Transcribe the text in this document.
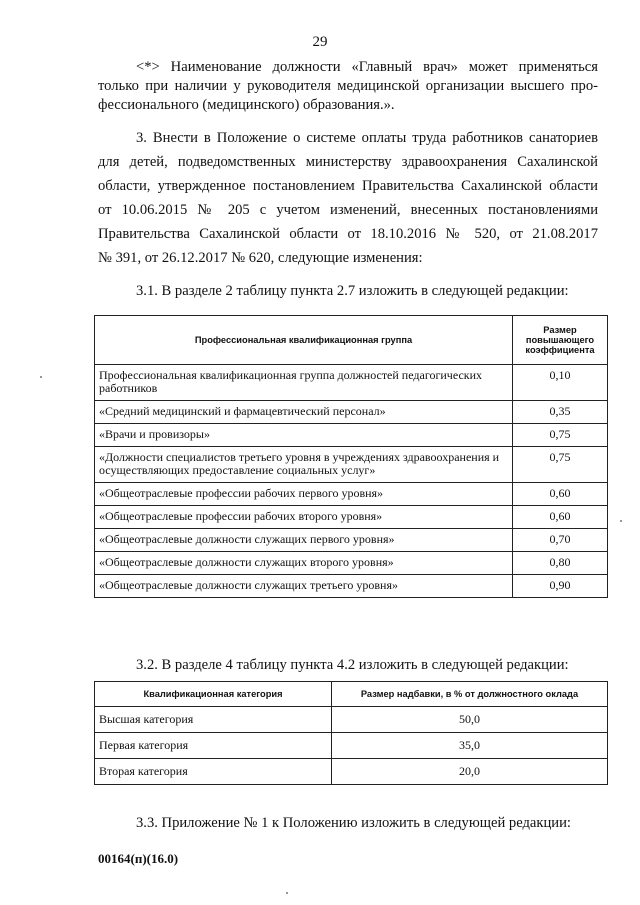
29
<*> Наименование должности «Главный врач» может применяться
только при наличии у руководителя медицинской организации высшего про-
фессионального (медицинского) образования.».
3. Внести в Положение о системе оплаты труда работников санаториев
для детей, подведомственных министерству здравоохранения Сахалинской
области, утвержденное постановлением Правительства Сахалинской области
от 10.06.2015 № 205 с учетом изменений, внесенных постановлениями
Правительства Сахалинской области от 18.10.2016 № 520, от 21.08.2017
№ 391, от 26.12.2017 № 620, следующие изменения:
3.1. В разделе 2 таблицу пункта 2.7 изложить в следующей редакции:
Профессиональная квалификационная группа	Размер повышающего коэффициента
Профессиональная квалификационная группа должностей педагогических работников	0,10
«Средний медицинский и фармацевтический персонал»	0,35
«Врачи и провизоры»	0,75
«Должности специалистов третьего уровня в учреждениях здравоохранения и осуществляющих предоставление социальных услуг»	0,75
«Общеотраслевые профессии рабочих первого уровня»	0,60
«Общеотраслевые профессии рабочих второго уровня»	0,60
«Общеотраслевые должности служащих первого уровня»	0,70
«Общеотраслевые должности служащих второго уровня»	0,80
«Общеотраслевые должности служащих третьего уровня»	0,90
3.2. В разделе 4 таблицу пункта 4.2 изложить в следующей редакции:
Квалификационная категория	Размер надбавки, в % от должностного оклада
Высшая категория	50,0
Первая категория	35,0
Вторая категория	20,0
3.3. Приложение № 1 к Положению изложить в следующей редакции:
00164(п)(16.0)
